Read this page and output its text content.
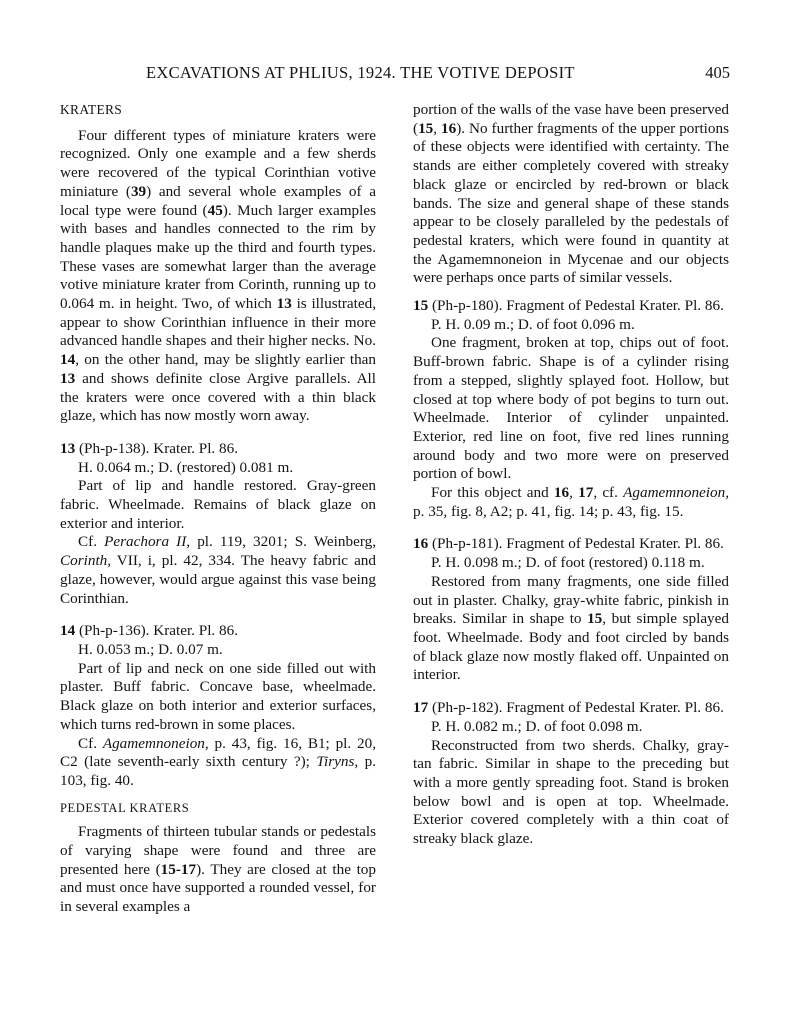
EXCAVATIONS AT PHLIUS, 1924. THE VOTIVE DEPOSIT	405

KRATERS

Four different types of miniature kraters were recognized. Only one example and a few sherds were recovered of the typical Corinthian votive miniature (39) and several whole examples of a local type were found (45). Much larger examples with bases and handles connected to the rim by handle plaques make up the third and fourth types. These vases are somewhat larger than the average votive miniature krater from Corinth, running up to 0.064 m. in height. Two, of which 13 is illustrated, appear to show Corinthian influence in their more advanced handle shapes and their higher necks. No. 14, on the other hand, may be slightly earlier than 13 and shows definite close Argive parallels. All the kraters were once covered with a thin black glaze, which has now mostly worn away.

13 (Ph-p-138). Krater. Pl. 86.

H. 0.064 m.; D. (restored) 0.081 m.

Part of lip and handle restored. Gray-green fabric. Wheelmade. Remains of black glaze on exterior and interior.

Cf. Perachora II, pl. 119, 3201; S. Weinberg, Corinth, VII, i, pl. 42, 334. The heavy fabric and glaze, however, would argue against this vase being Corinthian.

14 (Ph-p-136). Krater. Pl. 86.

H. 0.053 m.; D. 0.07 m.

Part of lip and neck on one side filled out with plaster. Buff fabric. Concave base, wheelmade. Black glaze on both interior and exterior surfaces, which turns red-brown in some places.

Cf. Agamemnoneion, p. 43, fig. 16, B1; pl. 20, C2 (late seventh-early sixth century ?); Tiryns, p. 103, fig. 40.

PEDESTAL KRATERS

Fragments of thirteen tubular stands or pedestals of varying shape were found and three are presented here (15-17). They are closed at the top and must once have supported a rounded vessel, for in several examples a

portion of the walls of the vase have been preserved (15, 16). No further fragments of the upper portions of these objects were identified with certainty. The stands are either completely covered with streaky black glaze or encircled by red-brown or black bands. The size and general shape of these stands appear to be closely paralleled by the pedestals of pedestal kraters, which were found in quantity at the Agamemnoneion in Mycenae and our objects were perhaps once parts of similar vessels.

15 (Ph-p-180). Fragment of Pedestal Krater. Pl. 86.

P. H. 0.09 m.; D. of foot 0.096 m.

One fragment, broken at top, chips out of foot. Buff-brown fabric. Shape is of a cylinder rising from a stepped, slightly splayed foot. Hollow, but closed at top where body of pot begins to turn out. Wheelmade. Interior of cylinder unpainted. Exterior, red line on foot, five red lines running around body and two more were on preserved portion of bowl.

For this object and 16, 17, cf. Agamemnoneion, p. 35, fig. 8, A2; p. 41, fig. 14; p. 43, fig. 15.

16 (Ph-p-181). Fragment of Pedestal Krater. Pl. 86.

P. H. 0.098 m.; D. of foot (restored) 0.118 m.

Restored from many fragments, one side filled out in plaster. Chalky, gray-white fabric, pinkish in breaks. Similar in shape to 15, but simple splayed foot. Wheelmade. Body and foot circled by bands of black glaze now mostly flaked off. Unpainted on interior.

17 (Ph-p-182). Fragment of Pedestal Krater. Pl. 86.

P. H. 0.082 m.; D. of foot 0.098 m.

Reconstructed from two sherds. Chalky, gray-tan fabric. Similar in shape to the preceding but with a more gently spreading foot. Stand is broken below bowl and is open at top. Wheelmade. Exterior covered completely with a thin coat of streaky black glaze.
